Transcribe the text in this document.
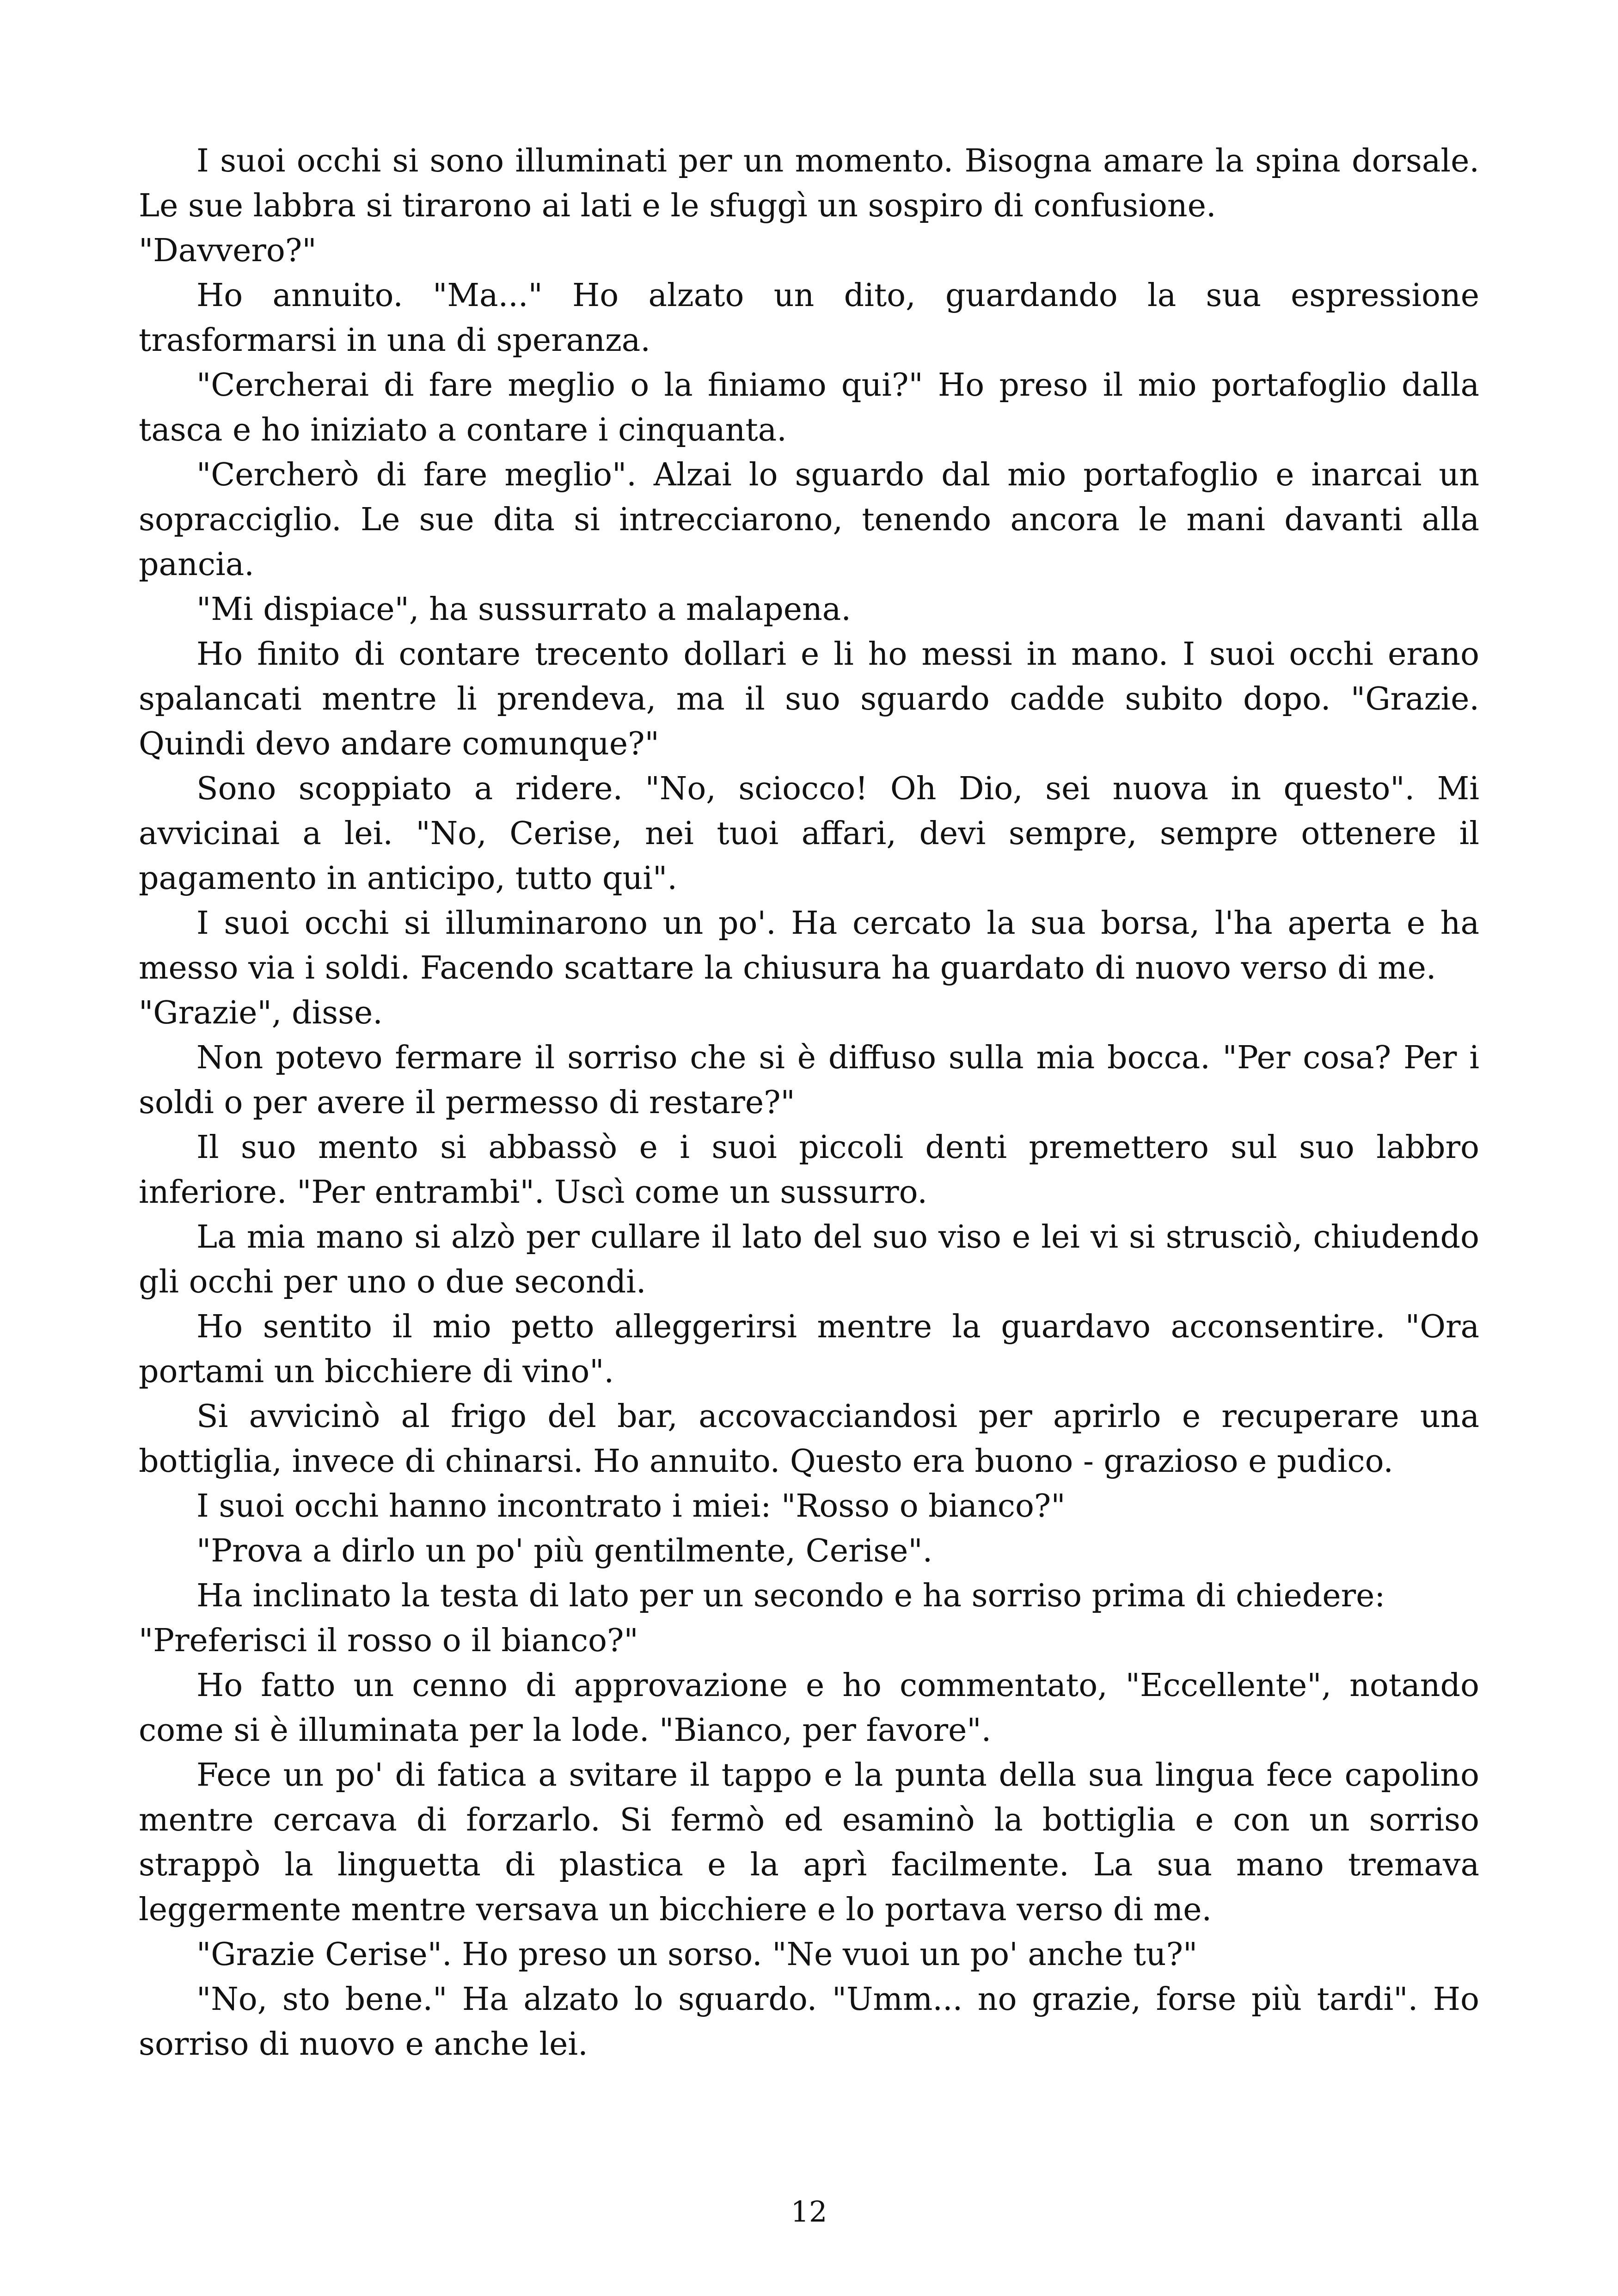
I suoi occhi si sono illuminati per un momento. Bisogna amare la spina dorsale. Le sue labbra si tirarono ai lati e le sfuggì un sospiro di confusione.
"Davvero?"

Ho annuito. "Ma..." Ho alzato un dito, guardando la sua espressione trasformarsi in una di speranza.

"Cercherai di fare meglio o la finiamo qui?" Ho preso il mio portafoglio dalla tasca e ho iniziato a contare i cinquanta.

"Cercherò di fare meglio". Alzai lo sguardo dal mio portafoglio e inarcai un sopracciglio. Le sue dita si intrecciarono, tenendo ancora le mani davanti alla pancia.

"Mi dispiace", ha sussurrato a malapena.

Ho finito di contare trecento dollari e li ho messi in mano. I suoi occhi erano spalancati mentre li prendeva, ma il suo sguardo cadde subito dopo. "Grazie. Quindi devo andare comunque?"

Sono scoppiato a ridere. "No, sciocco! Oh Dio, sei nuova in questo". Mi avvicinai a lei. "No, Cerise, nei tuoi affari, devi sempre, sempre ottenere il pagamento in anticipo, tutto qui".

I suoi occhi si illuminarono un po'. Ha cercato la sua borsa, l'ha aperta e ha messo via i soldi. Facendo scattare la chiusura ha guardato di nuovo verso di me.
"Grazie", disse.

Non potevo fermare il sorriso che si è diffuso sulla mia bocca. "Per cosa? Per i soldi o per avere il permesso di restare?"

Il suo mento si abbassò e i suoi piccoli denti premettero sul suo labbro inferiore. "Per entrambi". Uscì come un sussurro.

La mia mano si alzò per cullare il lato del suo viso e lei vi si strusciò, chiudendo gli occhi per uno o due secondi.

Ho sentito il mio petto alleggerirsi mentre la guardavo acconsentire. "Ora portami un bicchiere di vino".

Si avvicinò al frigo del bar, accovacciandosi per aprirlo e recuperare una bottiglia, invece di chinarsi. Ho annuito. Questo era buono - grazioso e pudico.

I suoi occhi hanno incontrato i miei: "Rosso o bianco?"

"Prova a dirlo un po' più gentilmente, Cerise".

Ha inclinato la testa di lato per un secondo e ha sorriso prima di chiedere:
"Preferisci il rosso o il bianco?"

Ho fatto un cenno di approvazione e ho commentato, "Eccellente", notando come si è illuminata per la lode. "Bianco, per favore".

Fece un po' di fatica a svitare il tappo e la punta della sua lingua fece capolino mentre cercava di forzarlo. Si fermò ed esaminò la bottiglia e con un sorriso strappò la linguetta di plastica e la aprì facilmente. La sua mano tremava leggermente mentre versava un bicchiere e lo portava verso di me.

"Grazie Cerise". Ho preso un sorso. "Ne vuoi un po' anche tu?"

"No, sto bene." Ha alzato lo sguardo. "Umm... no grazie, forse più tardi". Ho sorriso di nuovo e anche lei.

12
